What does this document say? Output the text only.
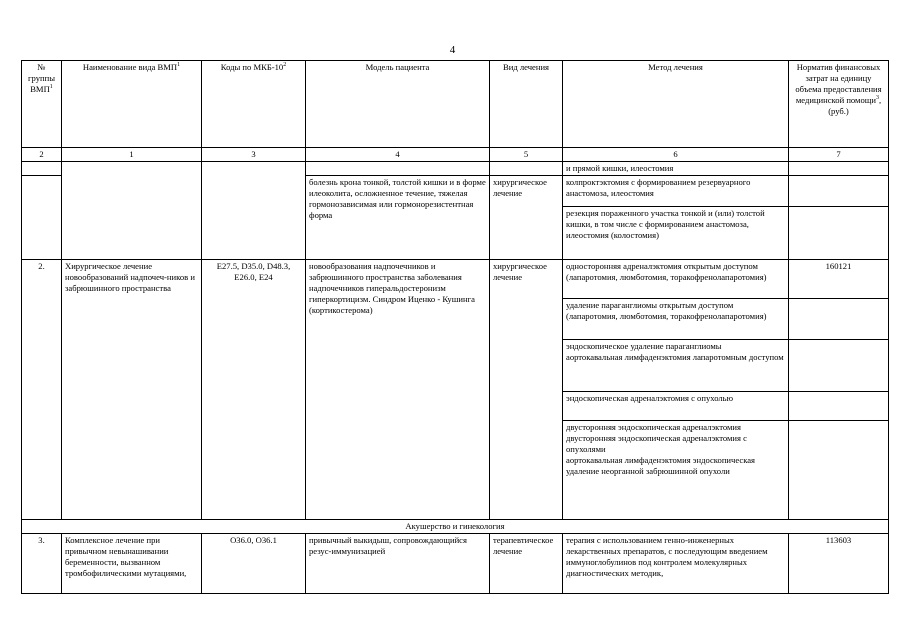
4
№ группы ВМП$^1$	Наименование вида ВМП$^1$	Коды по МКБ-$10^2$	Модель пациента	Вид лечения	Метод лечения	Норматив финансовых затрат на единицу объема предоставления медицинской помощи$^3$, (руб.)
2	1	3	4	5	6	7
					и прямой кишки, илеостомия	
			болезнь крона тонкой, толстой кишки и в форме илеоколита, осложненное течение, тяжелая гормонозависимая или гормонорезистентная форма	хирургическое лечение	колпроктэктомия с формированием резервуарного анастомоза, илеостомия	
					резекция пораженного участка тонкой и (или) толстой кишки, в том числе с формированием анастомоза, илеостомия (колостомия)	
2.	Хирургическое лечение новообразований надпочеч-ников и забрюшинного пространства	E27.5, D35.0, D48.3, E26.0, E24	новообразования надпочечников и забрюшинного пространства заболевания надпочечников гиперальдостеронизм гиперкортицизм. Синдром Иценко - Кушинга (кортикостерома)	хирургическое лечение	односторонняя адреналэктомия открытым доступом (лапаротомия, люмботомия, торакофренолапаротомия)	160121
					удаление параганглиомы открытым доступом (лапаротомия, люмботомия, торакофренолапаротомия)	
					эндоскопическое удаление параганглиомы
аортокавальная лимфаденэктомия лапаротомным доступом	
					эндоскопическая адреналэктомия с опухолью	
					двусторонняя эндоскопическая адреналэктомия
двусторонняя эндоскопическая адреналэктомия с опухолями
аортокавальная лимфаденэктомия эндоскопическая
удаление неорганной забрюшинной опухоли	
Акушерство и гинекология						
3.	Комплексное лечение при привычном невынашивании беременности, вызванном тромбофилическими мутациями,	O36.0, O36.1	привычный выкидыш, сопровождающийся резус-иммунизацией	терапевтическое лечение	терапия с использованием генно-инженерных лекарственных препаратов, с последующим введением иммуноглобулинов под контролем молекулярных диагностических методик,	113603
